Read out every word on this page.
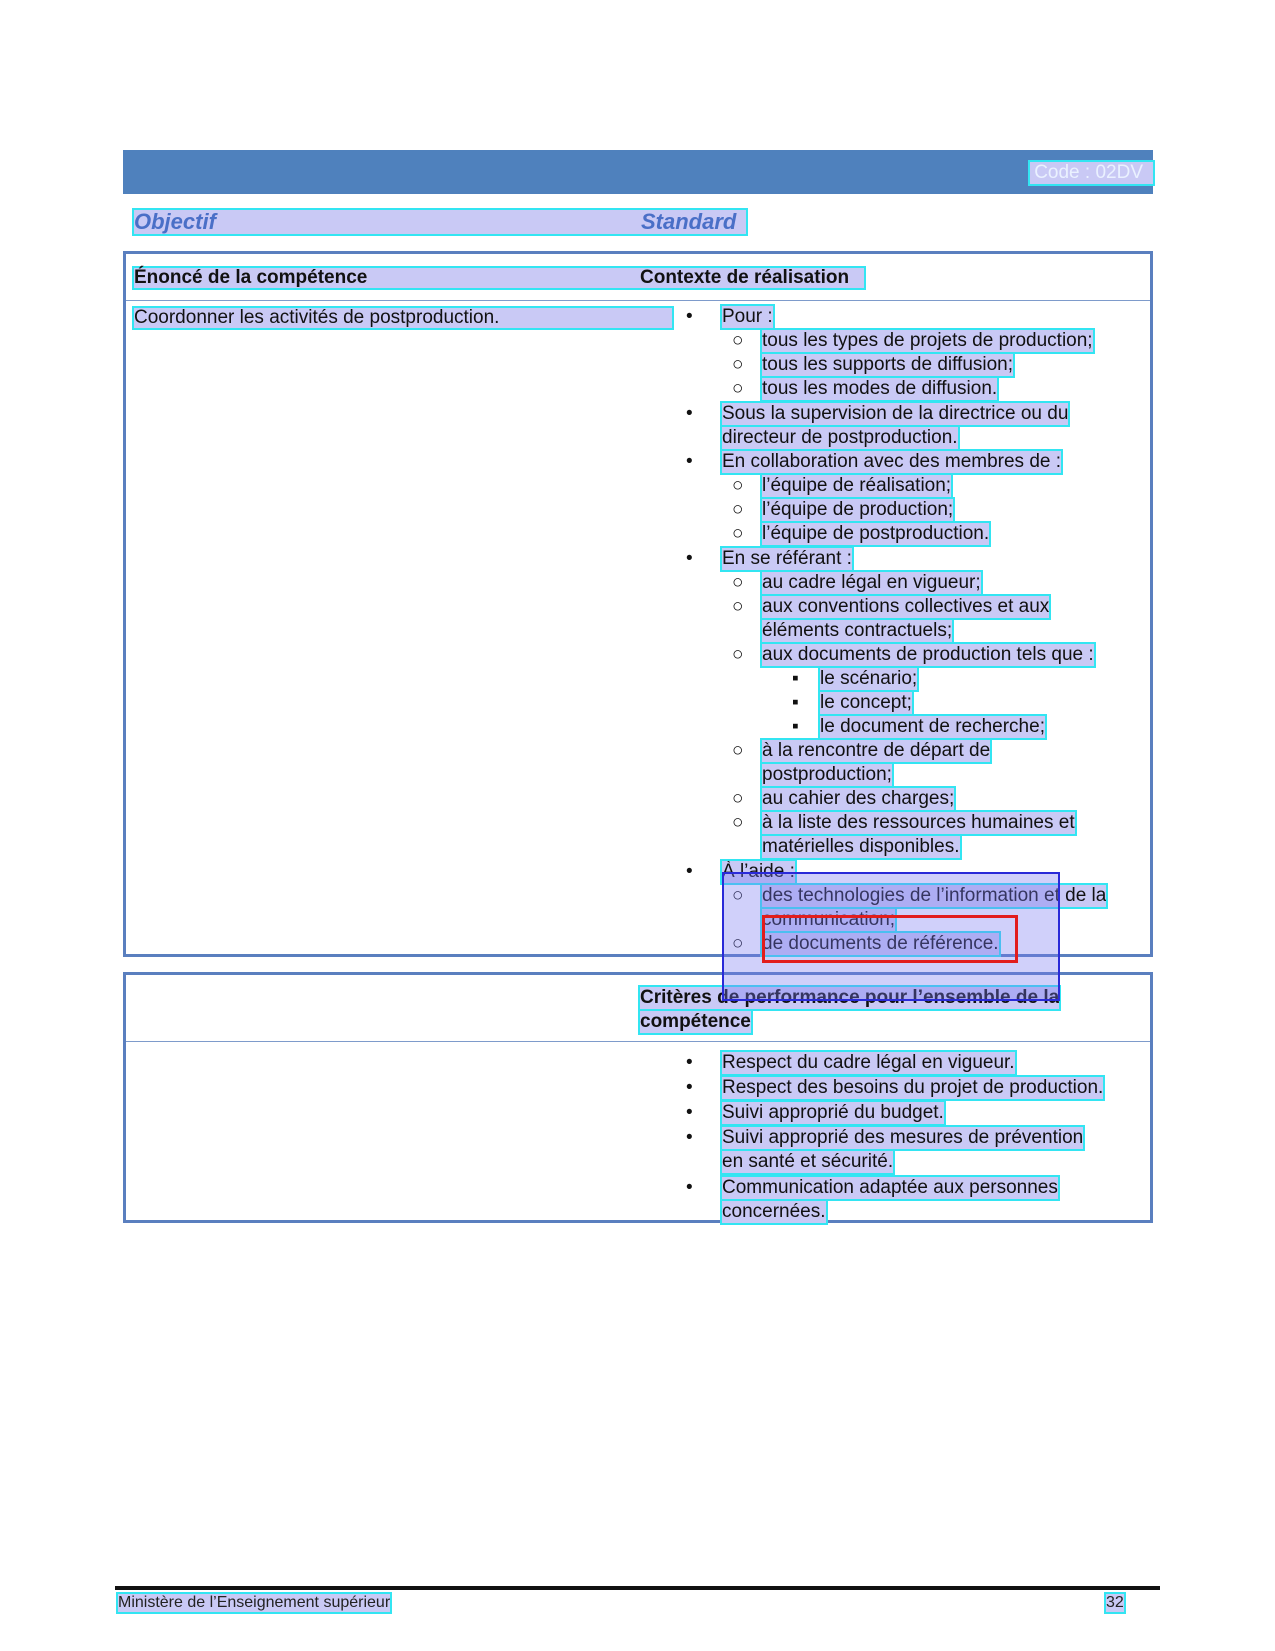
Code : 02DV
Objectif	Standard
Énoncé de la compétence	Contexte de réalisation
Coordonner les activités de postproduction.	• Pour :
○ tous les types de projets de production;
○ tous les supports de diffusion;
○ tous les modes de diffusion.
• Sous la supervision de la directrice ou du
directeur de postproduction.
• En collaboration avec des membres de :
○ l’équipe de réalisation;
○ l’équipe de production;
○ l’équipe de postproduction.
• En se référant :
○ au cadre légal en vigueur;
○ aux conventions collectives et aux
éléments contractuels;
○ aux documents de production tels que :
▪ le scénario;
▪ le concept;
▪ le document de recherche;
○ à la rencontre de départ de
postproduction;
○ au cahier des charges;
○ à la liste des ressources humaines et
matérielles disponibles.
• À l’aide :
○ des technologies de l’information et de la
communication;
○ de documents de référence.
Critères de performance pour l’ensemble de la
compétence
• Respect du cadre légal en vigueur.
• Respect des besoins du projet de production.
• Suivi approprié du budget.
• Suivi approprié des mesures de prévention
en santé et sécurité.
• Communication adaptée aux personnes
concernées.
Ministère de l’Enseignement supérieur	32
